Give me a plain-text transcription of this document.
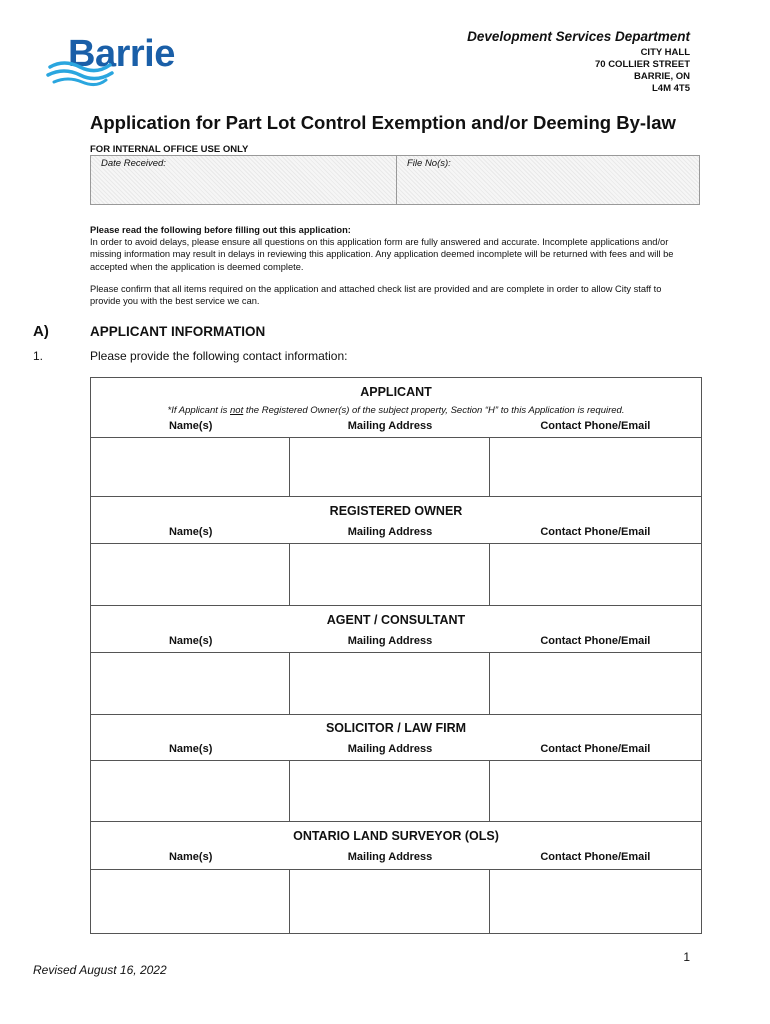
Barrie	Development Services Department
CITY HALL
70 COLLIER STREET
BARRIE, ON
L4M 4T5
Application for Part Lot Control Exemption and/or Deeming By-law
FOR INTERNAL OFFICE USE ONLY
Date Received:	File No(s):

Please read the following before filling out this application:

In order to avoid delays, please ensure all questions on this application form are fully answered and accurate. Incomplete applications and/or missing information may result in delays in reviewing this application. Any application deemed incomplete will be returned with fees and will be accepted when the application is deemed complete.

Please confirm that all items required on the application and attached check list are provided and are complete in order to allow City staff to provide you with the best service we can.

A)	APPLICANT INFORMATION
1.	Please provide the following contact information:
APPLICANT
*If Applicant is not the Registered Owner(s) of the subject property, Section “H” to this Application is required.
Name(s)	Mailing Address	Contact Phone/Email
REGISTERED OWNER
Name(s)	Mailing Address	Contact Phone/Email
AGENT / CONSULTANT
Name(s)	Mailing Address	Contact Phone/Email
SOLICITOR / LAW FIRM
Name(s)	Mailing Address	Contact Phone/Email
ONTARIO LAND SURVEYOR (OLS)
Name(s)	Mailing Address	Contact Phone/Email
1
Revised August 16, 2022
